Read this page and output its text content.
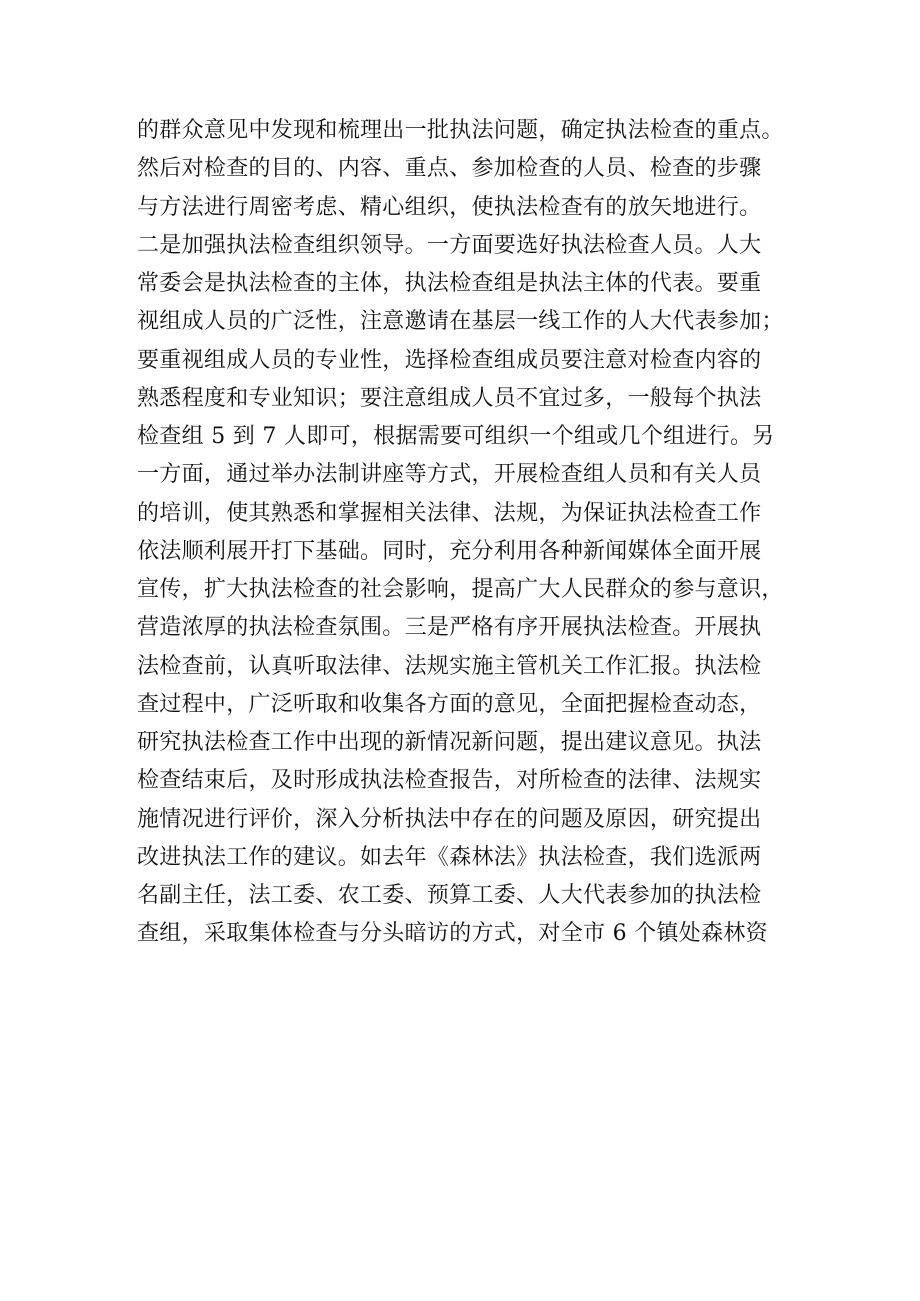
的群众意见中发现和梳理出一批执法问题，确定执法检查的重点。
然后对检查的目的、内容、重点、参加检查的人员、检查的步骤
与方法进行周密考虑、精心组织，使执法检查有的放矢地进行。
二是加强执法检查组织领导。一方面要选好执法检查人员。人大
常委会是执法检查的主体，执法检查组是执法主体的代表。要重
视组成人员的广泛性，注意邀请在基层一线工作的人大代表参加；
要重视组成人员的专业性，选择检查组成员要注意对检查内容的
熟悉程度和专业知识；要注意组成人员不宜过多，一般每个执法
检查组 5 到 7 人即可，根据需要可组织一个组或几个组进行。另
一方面，通过举办法制讲座等方式，开展检查组人员和有关人员
的培训，使其熟悉和掌握相关法律、法规，为保证执法检查工作
依法顺利展开打下基础。同时，充分利用各种新闻媒体全面开展
宣传，扩大执法检查的社会影响，提高广大人民群众的参与意识，
营造浓厚的执法检查氛围。三是严格有序开展执法检查。开展执
法检查前，认真听取法律、法规实施主管机关工作汇报。执法检
查过程中，广泛听取和收集各方面的意见，全面把握检查动态，
研究执法检查工作中出现的新情况新问题，提出建议意见。执法
检查结束后，及时形成执法检查报告，对所检查的法律、法规实
施情况进行评价，深入分析执法中存在的问题及原因，研究提出
改进执法工作的建议。如去年《森林法》执法检查，我们选派两
名副主任，法工委、农工委、预算工委、人大代表参加的执法检
查组，采取集体检查与分头暗访的方式，对全市 6 个镇处森林资
